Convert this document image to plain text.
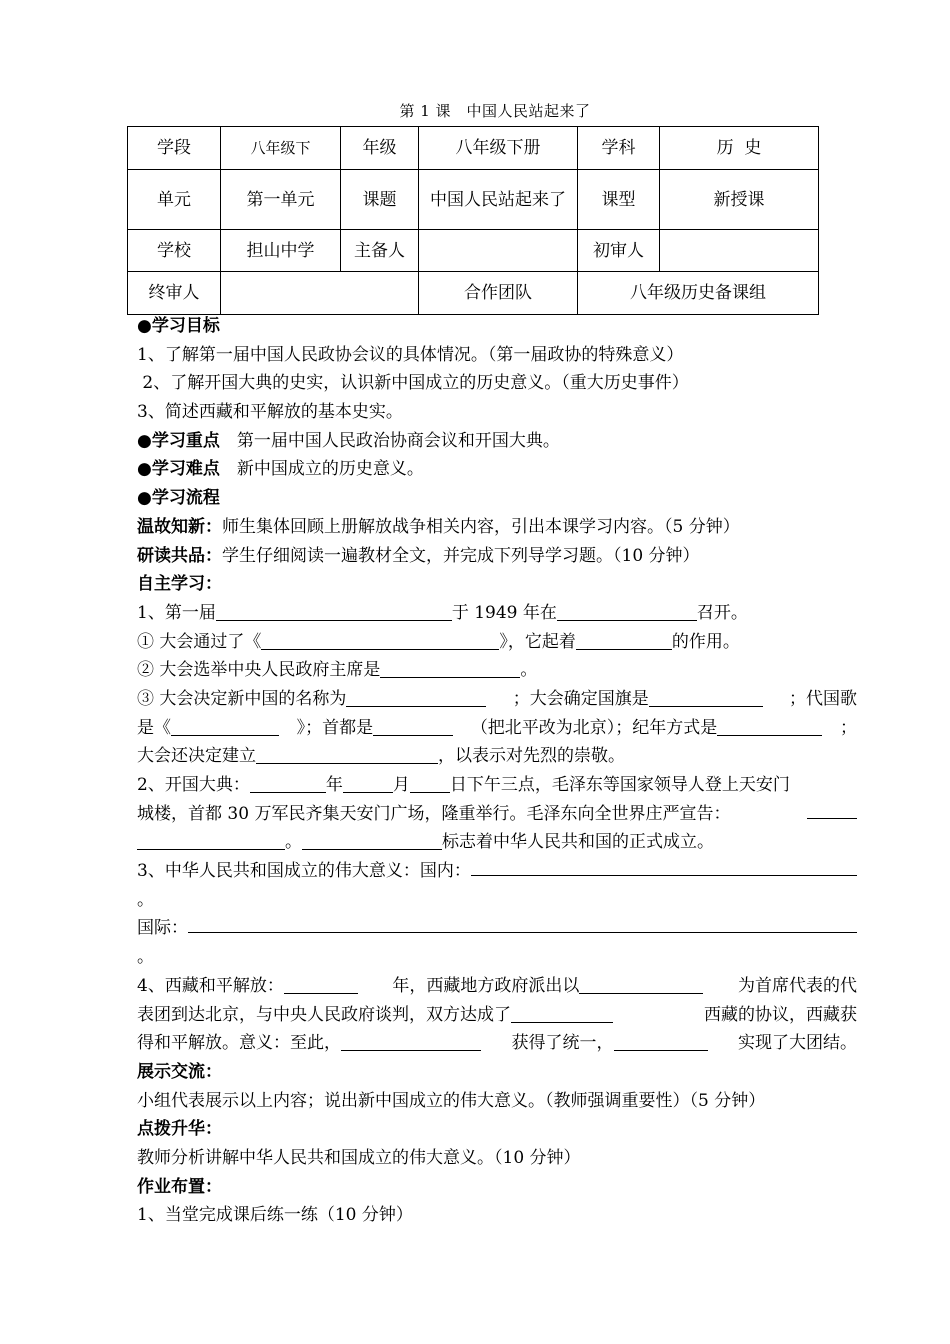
第 1 课　中国人民站起来了
学段	八年级下	年级	八年级下册	学科	历  史
单元	第一单元	课题	中国人民站起来了	课型	新授课
学校	担山中学	主备人		初审人	
终审人			合作团队	八年级历史备课组	
●学习目标
1、了解第一届中国人民政协会议的具体情况。（第一届政协的特殊意义）
2、了解开国大典的史实，认识新中国成立的历史意义。（重大历史事件）
3、简述西藏和平解放的基本史实。
●学习重点　第一届中国人民政治协商会议和开国大典。
●学习难点　新中国成立的历史意义。
●学习流程
温故知新：师生集体回顾上册解放战争相关内容，引出本课学习内容。（5 分钟）
研读共品：学生仔细阅读一遍教材全文，并完成下列导学习题。（10 分钟）
自主学习：
1、第一届	于 1949 年在	召开。
① 大会通过了《	》，它起着	的作用。
② 大会选举中央人民政府主席是	。
③ 大会决定新中国的名称为	；大会确定国旗是	；代国歌
是《	》；首都是	（把北平改为北京）；纪年方式是	；
大会还决定建立	，以表示对先烈的崇敬。
2、开国大典：	年	月 日下午三点，毛泽东等国家领导人登上天安门
城楼，首都 30 万军民齐集天安门广场，隆重举行。毛泽东向全世界庄严宣告：
。	标志着中华人民共和国的正式成立。
3、中华人民共和国成立的伟大意义：国内：
。
国际：
。
4、西藏和平解放：	年，西藏地方政府派出以	为首席代表的代
表团到达北京，与中央人民政府谈判，双方达成了	西藏的协议，西藏获
得和平解放。意义：至此，	获得了统一，	实现了大团结。
展示交流：
小组代表展示以上内容；说出新中国成立的伟大意义。（教师强调重要性）（5 分钟）
点拨升华：
教师分析讲解中华人民共和国成立的伟大意义。（10 分钟）
作业布置：
1、当堂完成课后练一练（10 分钟）
